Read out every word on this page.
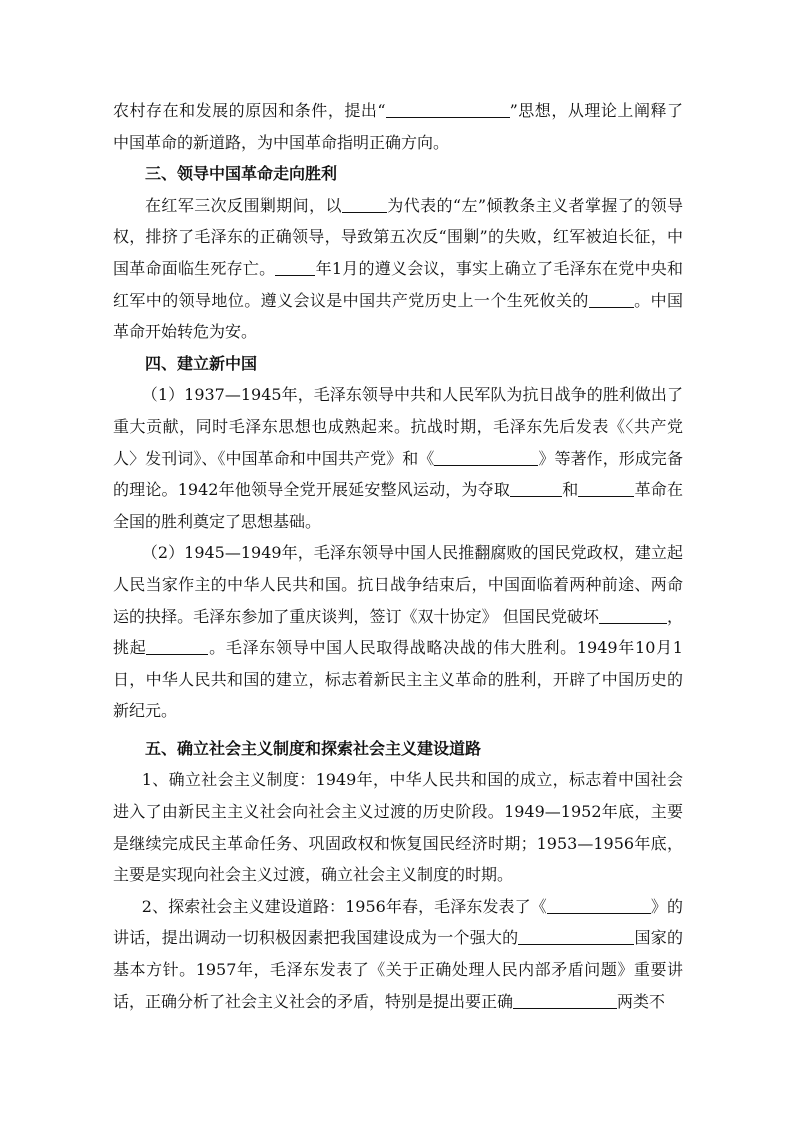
农村存在和发展的原因和条件，提出“	”思想，从理论上阐释了中国革命的新道路，为中国革命指明正确方向。

三、领导中国革命走向胜利

在红军三次反围剿期间，以	为代表的“左”倾教条主义者掌握了的领导权，排挤了毛泽东的正确领导，导致第五次反“围剿”的失败，红军被迫长征，中国革命面临生死存亡。	年1月的遵义会议，事实上确立了毛泽东在党中央和红军中的领导地位。遵义会议是中国共产党历史上一个生死攸关的	。中国革命开始转危为安。

四、建立新中国

（1）1937—1945年，毛泽东领导中共和人民军队为抗日战争的胜利做出了重大贡献，同时毛泽东思想也成熟起来。抗战时期，毛泽东先后发表《〈共产党人〉发刊词》、《中国革命和中国共产党》和《	》等著作，形成完备的理论。1942年他领导全党开展延安整风运动，为夺取	和	革命在全国的胜利奠定了思想基础。

（2）1945—1949年，毛泽东领导中国人民推翻腐败的国民党政权，建立起人民当家作主的中华人民共和国。抗日战争结束后，中国面临着两种前途、两命运的抉择。毛泽东参加了重庆谈判，签订《双十协定》 但国民党破坏	，挑起	。毛泽东领导中国人民取得战略决战的伟大胜利。1949年10月1日，中华人民共和国的建立，标志着新民主主义革命的胜利，开辟了中国历史的新纪元。

五、确立社会主义制度和探索社会主义建设道路

1、确立社会主义制度：1949年，中华人民共和国的成立，标志着中国社会进入了由新民主主义社会向社会主义过渡的历史阶段。1949—1952年底，主要是继续完成民主革命任务、巩固政权和恢复国民经济时期；1953—1956年底，主要是实现向社会主义过渡，确立社会主义制度的时期。

2、探索社会主义建设道路：1956年春，毛泽东发表了《	》的讲话，提出调动一切积极因素把我国建设成为一个强大的	国家的基本方针。1957年，毛泽东发表了《关于正确处理人民内部矛盾问题》重要讲话，正确分析了社会主义社会的矛盾，特别是提出要正确	两类不
